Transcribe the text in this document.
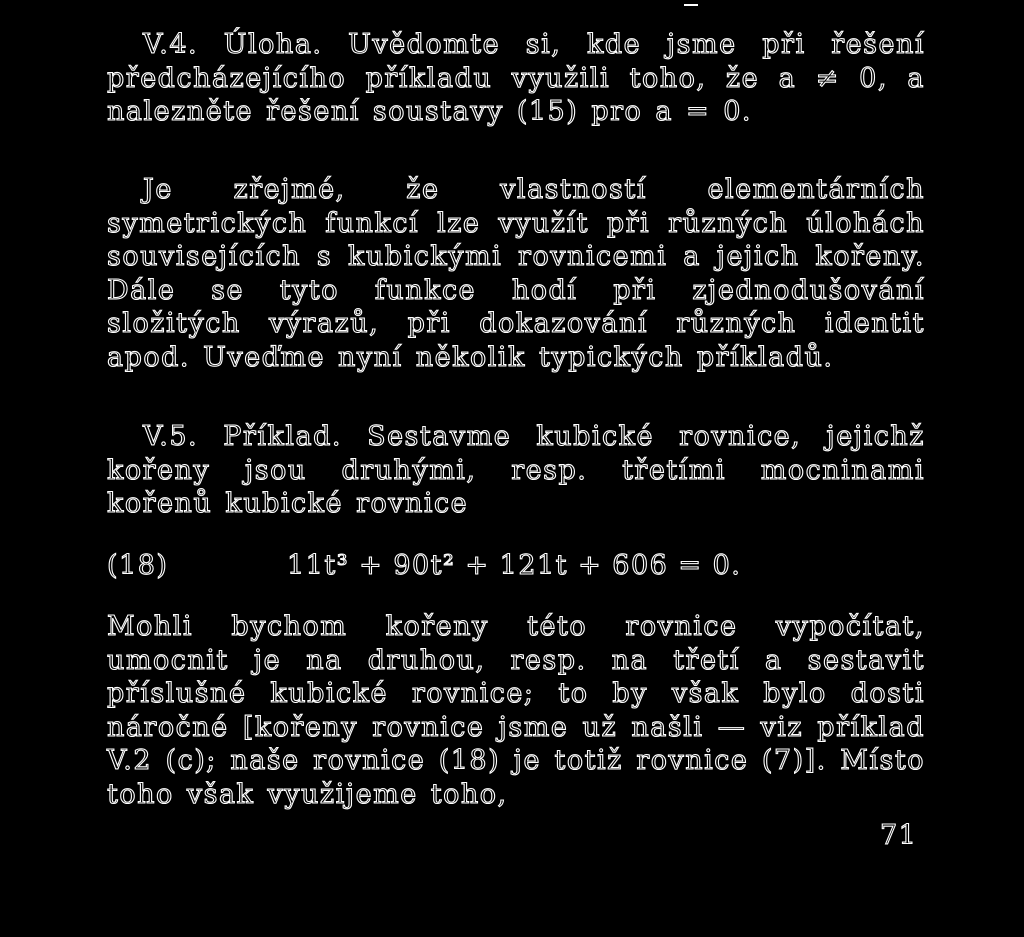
V.4. Úloha. Uvědomte si, kde jsme při řešení předcházejícího příkladu využili toho, že a ≠ 0, a nalezněte řešení soustavy (15) pro a = 0.

Je zřejmé, že vlastností elementárních symetrických funkcí lze využít při různých úlohách souvisejících s kubickými rovnicemi a jejich kořeny. Dále se tyto funkce hodí při zjednodušování složitých výrazů, při dokazování různých identit apod. Uveďme nyní několik typických příkladů.

V.5. Příklad. Sestavme kubické rovnice, jejichž kořeny jsou druhými, resp. třetími mocninami kořenů kubické rovnice

(18)	11t³ + 90t² + 121t + 606 = 0.

Mohli bychom kořeny této rovnice vypočítat, umocnit je na druhou, resp. na třetí a sestavit příslušné kubické rovnice; to by však bylo dosti náročné [kořeny rovnice jsme už našli — viz příklad V.2 (c); naše rovnice (18) je totiž rovnice (7)]. Místo toho však využijeme toho,

71
